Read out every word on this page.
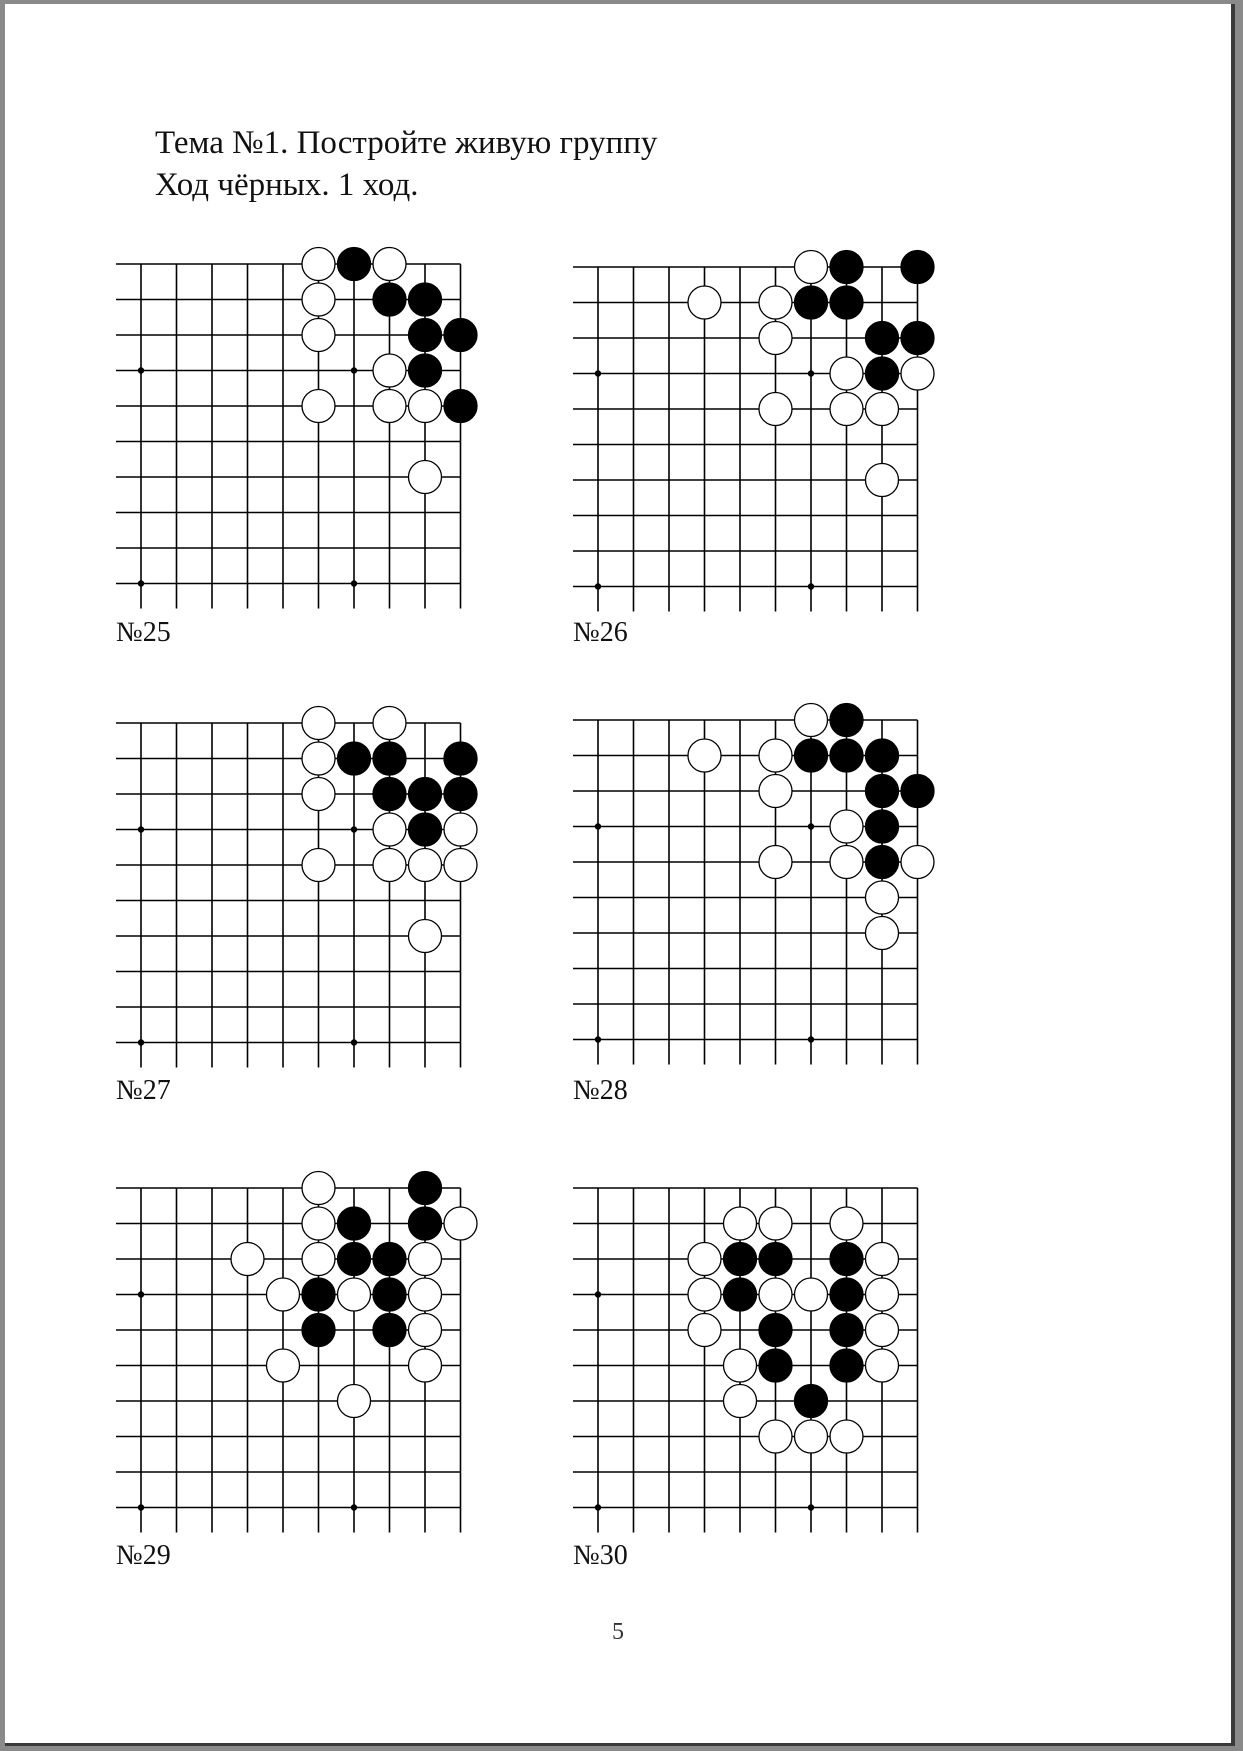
Тема №1. Постройте живую группу
Ход чёрных. 1 ход.
№25	№26
№27	№28
№29	№30
5
